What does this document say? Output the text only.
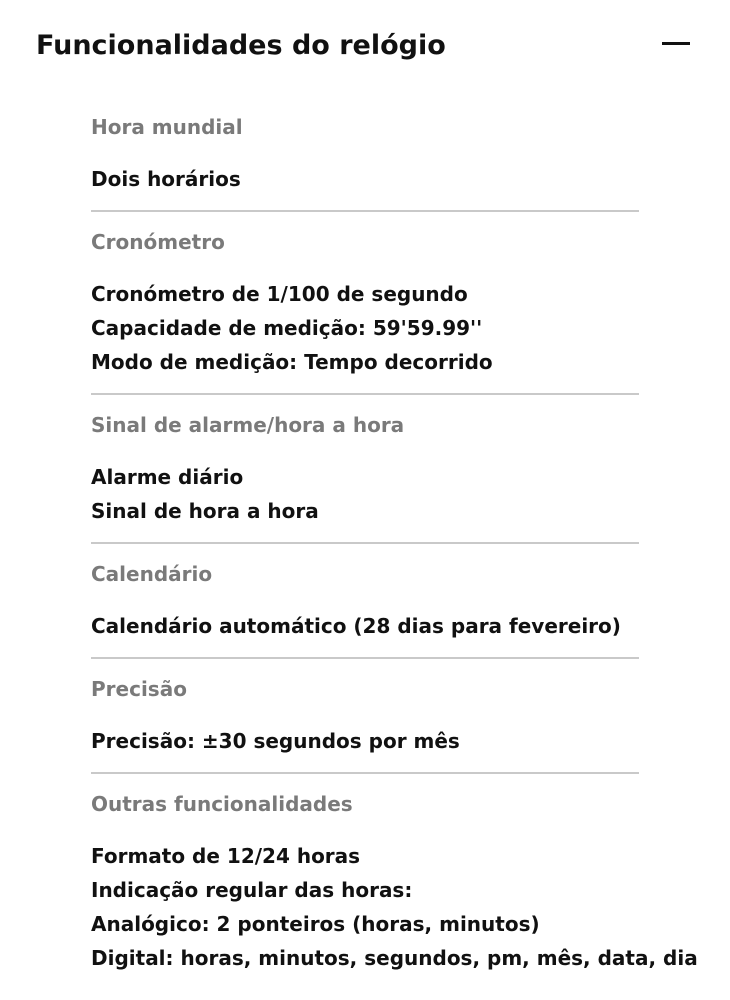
Funcionalidades do relógio
Hora mundial
Dois horários
Cronómetro
Cronómetro de 1/100 de segundo
Capacidade de medição: 59'59.99''
Modo de medição: Tempo decorrido
Sinal de alarme/hora a hora
Alarme diário
Sinal de hora a hora
Calendário
Calendário automático (28 dias para fevereiro)
Precisão
Precisão: ±30 segundos por mês
Outras funcionalidades
Formato de 12/24 horas
Indicação regular das horas:
Analógico: 2 ponteiros (horas, minutos)
Digital: horas, minutos, segundos, pm, mês, data, dia
